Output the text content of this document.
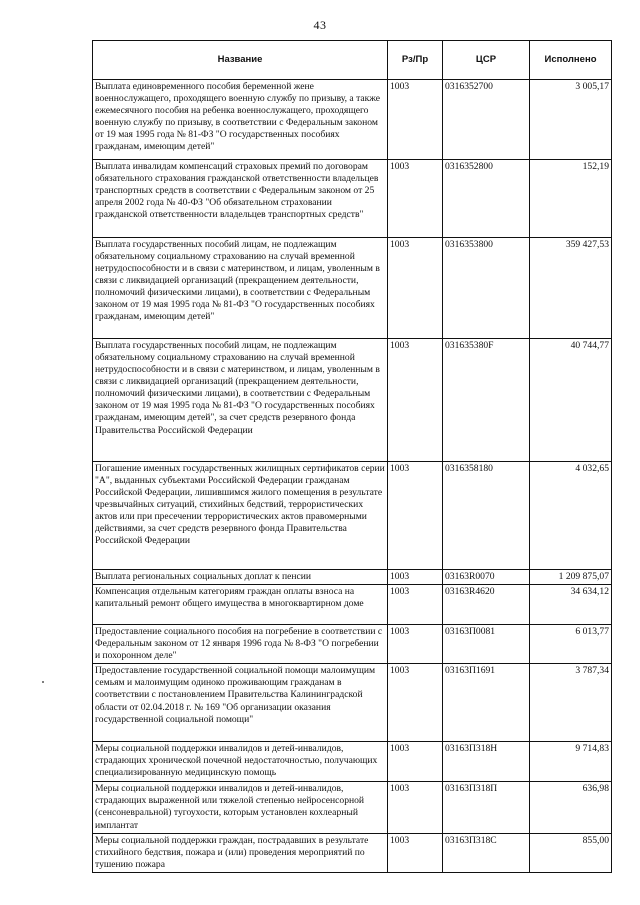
43
Название	Рз/Пр	ЦСР	Исполнено
Выплата единовременного пособия беременной жене военнослужащего, проходящего военную службу по призыву, а также ежемесячного пособия на ребенка военнослужащего, проходящего военную службу по призыву, в соответствии с Федеральным законом от 19 мая 1995 года № 81-ФЗ "О государственных пособиях гражданам, имеющим детей"	1003	0316352700	3 005,17
Выплата инвалидам компенсаций страховых премий по договорам обязательного страхования гражданской ответственности владельцев транспортных средств в соответствии с Федеральным законом от 25 апреля 2002 года № 40-ФЗ "Об обязательном страховании гражданской ответственности владельцев транспортных средств"	1003	0316352800	152,19
Выплата государственных пособий лицам, не подлежащим обязательному социальному страхованию на случай временной нетрудоспособности и в связи с материнством, и лицам, уволенным в связи с ликвидацией организаций (прекращением деятельности, полномочий физическими лицами), в соответствии с Федеральным законом от 19 мая 1995 года № 81-ФЗ "О государственных пособиях гражданам, имеющим детей"	1003	0316353800	359 427,53
Выплата государственных пособий лицам, не подлежащим обязательному социальному страхованию на случай временной нетрудоспособности и в связи с материнством, и лицам, уволенным в связи с ликвидацией организаций (прекращением деятельности, полномочий физическими лицами), в соответствии с Федеральным законом от 19 мая 1995 года № 81-ФЗ "О государственных пособиях гражданам, имеющим детей", за счет средств резервного фонда Правительства Российской Федерации	1003	031635380F	40 744,77
Погашение именных государственных жилищных сертификатов серии "А", выданных субъектами Российской Федерации гражданам Российской Федерации, лишившимся жилого помещения в результате чрезвычайных ситуаций, стихийных бедствий, террористических актов или при пресечении террористических актов правомерными действиями, за счет средств резервного фонда Правительства Российской Федерации	1003	0316358180	4 032,65
Выплата региональных социальных доплат к пенсии	1003	03163R0070	1 209 875,07
Компенсация отдельным категориям граждан оплаты взноса на капитальный ремонт общего имущества в многоквартирном доме	1003	03163R4620	34 634,12
Предоставление социального пособия на погребение в соответствии с Федеральным законом от 12 января 1996 года № 8-ФЗ "О погребении и похоронном деле"	1003	03163П0081	6 013,77
Предоставление государственной социальной помощи малоимущим семьям и малоимущим одиноко проживающим гражданам в соответствии с постановлением Правительства Калининградской области от 02.04.2018 г. № 169 "Об организации оказания государственной социальной помощи"	1003	03163П1691	3 787,34
Меры социальной поддержки инвалидов и детей-инвалидов, страдающих хронической почечной недостаточностью, получающих специализированную медицинскую помощь	1003	03163П318Н	9 714,83
Меры социальной поддержки инвалидов и детей-инвалидов, страдающих выраженной или тяжелой степенью нейросенсорной (сенсоневральной) тугоухости, которым установлен кохлеарный имплантат	1003	03163П318П	636,98
Меры социальной поддержки граждан, пострадавших в результате стихийного бедствия, пожара и (или) проведения мероприятий по тушению пожара	1003	03163П318С	855,00
